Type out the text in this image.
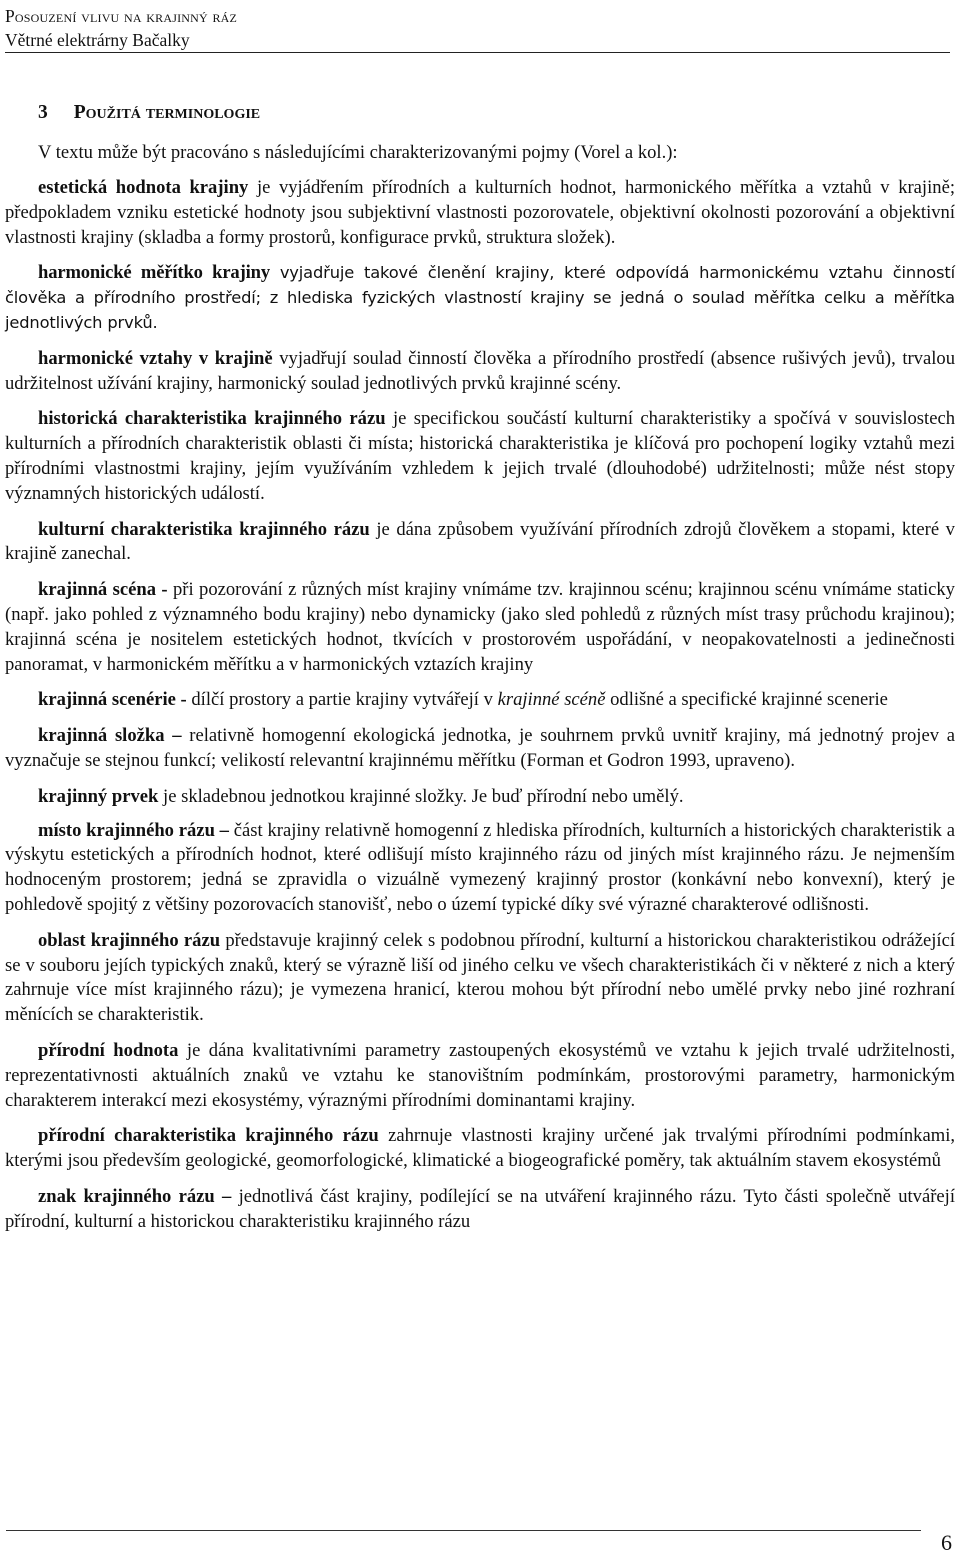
Posouzení vlivu na krajinný ráz
Větrné elektrárny Bačalky
3 Použitá terminologie
V textu může být pracováno s následujícími charakterizovanými pojmy (Vorel a kol.):

estetická hodnota krajiny je vyjádřením přírodních a kulturních hodnot, harmonického měřítka a vztahů v krajině; předpokladem vzniku estetické hodnoty jsou subjektivní vlastnosti pozorovatele, objektivní okolnosti pozorování a objektivní vlastnosti krajiny (skladba a formy prostorů, konfigurace prvků, struktura složek).

harmonické měřítko krajiny vyjadřuje takové členění krajiny, které odpovídá harmonickému vztahu činností člověka a přírodního prostředí; z hlediska fyzických vlastností krajiny se jedná o soulad měřítka celku a měřítka jednotlivých prvků.

harmonické vztahy v krajině vyjadřují soulad činností člověka a přírodního prostředí (absence rušivých jevů), trvalou udržitelnost užívání krajiny, harmonický soulad jednotlivých prvků krajinné scény.

historická charakteristika krajinného rázu je specifickou součástí kulturní charakteristiky a spočívá v souvislostech kulturních a přírodních charakteristik oblasti či místa; historická charakteristika je klíčová pro pochopení logiky vztahů mezi přírodními vlastnostmi krajiny, jejím využíváním vzhledem k jejich trvalé (dlouhodobé) udržitelnosti; může nést stopy významných historických událostí.

kulturní charakteristika krajinného rázu je dána způsobem využívání přírodních zdrojů člověkem a stopami, které v krajině zanechal.

krajinná scéna - při pozorování z různých míst krajiny vnímáme tzv. krajinnou scénu; krajinnou scénu vnímáme staticky (např. jako pohled z významného bodu krajiny) nebo dynamicky (jako sled pohledů z různých míst trasy průchodu krajinou); krajinná scéna je nositelem estetických hodnot, tkvících v prostorovém uspořádání, v neopakovatelnosti a jedinečnosti panoramat, v harmonickém měřítku a v harmonických vztazích krajiny

krajinná scenérie - dílčí prostory a partie krajiny vytvářejí v krajinné scéně odlišné a specifické krajinné scenerie

krajinná složka – relativně homogenní ekologická jednotka, je souhrnem prvků uvnitř krajiny, má jednotný projev a vyznačuje se stejnou funkcí; velikostí relevantní krajinnému měřítku (Forman et Godron 1993, upraveno).

krajinný prvek je skladebnou jednotkou krajinné složky. Je buď přírodní nebo umělý.

místo krajinného rázu – část krajiny relativně homogenní z hlediska přírodních, kulturních a historických charakteristik a výskytu estetických a přírodních hodnot, které odlišují místo krajinného rázu od jiných míst krajinného rázu. Je nejmenším hodnoceným prostorem; jedná se zpravidla o vizuálně vymezený krajinný prostor (konkávní nebo konvexní), který je pohledově spojitý z většiny pozorovacích stanovišť, nebo o území typické díky své výrazné charakterové odlišnosti.

oblast krajinného rázu představuje krajinný celek s podobnou přírodní, kulturní a historickou charakteristikou odrážející se v souboru jejích typických znaků, který se výrazně liší od jiného celku ve všech charakteristikách či v některé z nich a který zahrnuje více míst krajinného rázu); je vymezena hranicí, kterou mohou být přírodní nebo umělé prvky nebo jiné rozhraní měnících se charakteristik.

přírodní hodnota je dána kvalitativními parametry zastoupených ekosystémů ve vztahu k jejich trvalé udržitelnosti, reprezentativnosti aktuálních znaků ve vztahu ke stanovištním podmínkám, prostorovými parametry, harmonickým charakterem interakcí mezi ekosystémy, výraznými přírodními dominantami krajiny.

přírodní charakteristika krajinného rázu zahrnuje vlastnosti krajiny určené jak trvalými přírodními podmínkami, kterými jsou především geologické, geomorfologické, klimatické a biogeografické poměry, tak aktuálním stavem ekosystémů

znak krajinného rázu – jednotlivá část krajiny, podílející se na utváření krajinného rázu. Tyto části společně utvářejí přírodní, kulturní a historickou charakteristiku krajinného rázu

6
